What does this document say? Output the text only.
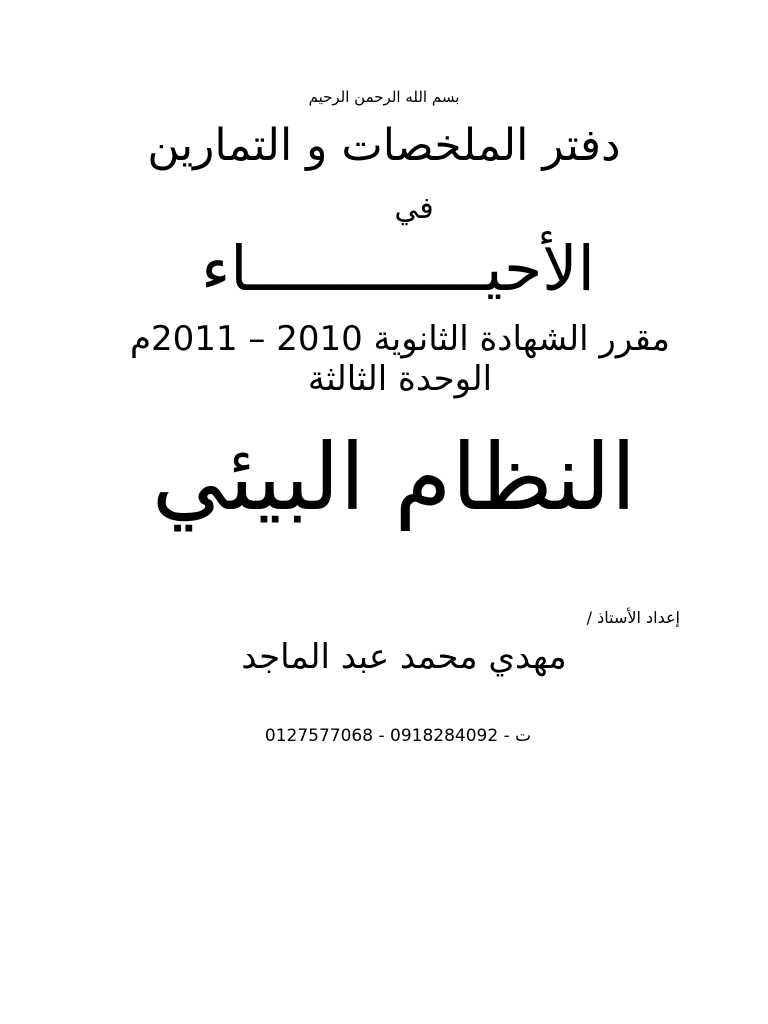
بسم الله الرحمن الرحيم
دفتر الملخصات و التمارين
في
الأحيـــــــــــــاء
مقرر الشهادة الثانوية 2010 – 2011م
الوحدة الثالثة
النظام البيئي
إعداد الأستاذ /
مهدي محمد عبد الماجد
ت - 0918284092 - 0127577068
